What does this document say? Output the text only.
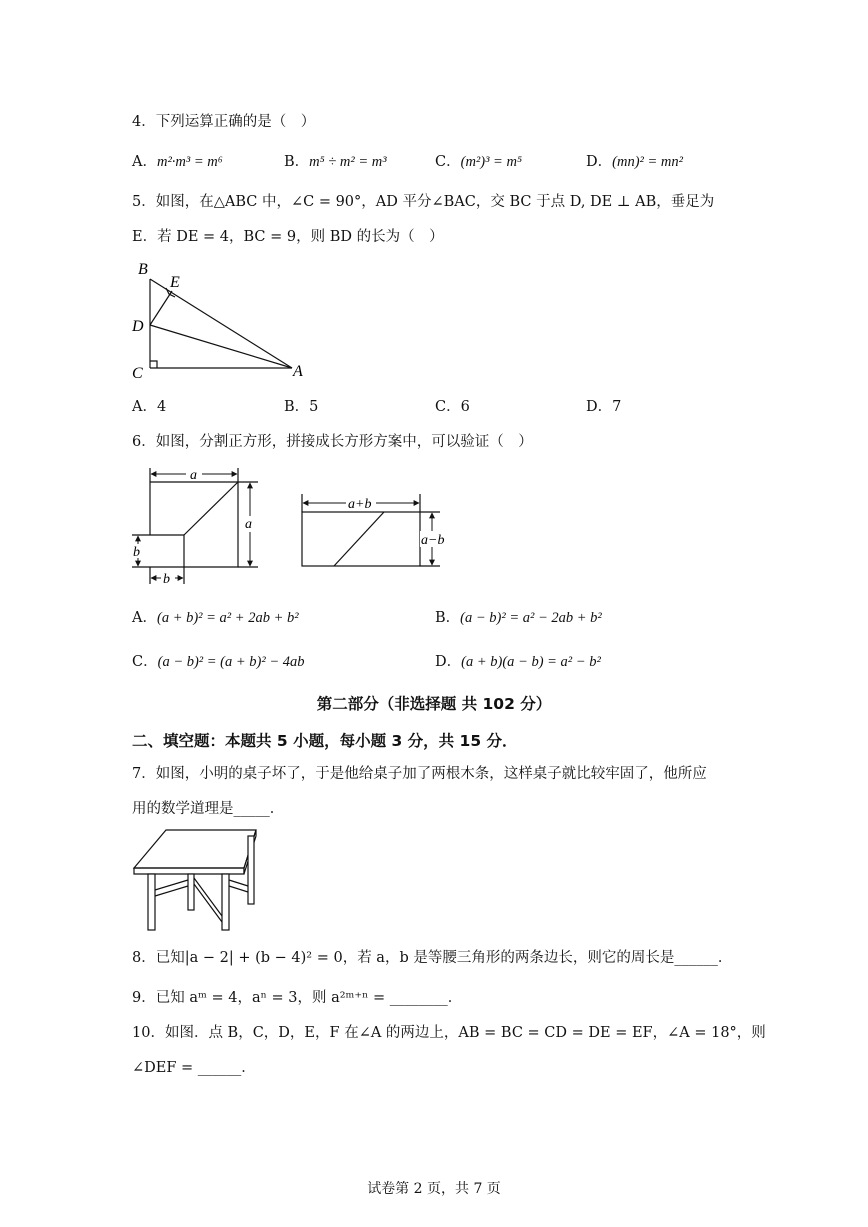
4．下列运算正确的是（　）
A．m²·m³ = m⁶	B．m⁵ ÷ m² = m³	C．(m²)³ = m⁵	D．(mn)² = mn²
5．如图，在△ABC 中，∠C = 90°，AD 平分∠BAC，交 BC 于点 D, DE ⊥ AB，垂足为
E．若 DE = 4，BC = 9，则 BD 的长为（　）
B
E
D
C	A
A．4	B．5	C．6	D．7
6．如图，分割正方形，拼接成长方形方案中，可以验证（　）
a
a
b
b
a+b
a−b
A．(a + b)² = a² + 2ab + b²	B．(a − b)² = a² − 2ab + b²
C．(a − b)² = (a + b)² − 4ab	D．(a + b)(a − b) = a² − b²
第二部分（非选择题 共 102 分）
二、填空题：本题共 5 小题，每小题 3 分，共 15 分．
7．如图，小明的桌子坏了，于是他给桌子加了两根木条，这样桌子就比较牢固了，他所应
用的数学道理是_____．
8．已知|a − 2| + (b − 4)² = 0，若 a，b 是等腰三角形的两条边长，则它的周长是______．
9．已知 aᵐ = 4，aⁿ = 3，则 a²ᵐ⁺ⁿ = ________．
10．如图．点 B，C，D，E，F 在∠A 的两边上，AB = BC = CD = DE = EF，∠A = 18°，则
∠DEF = ______．
试卷第 2 页，共 7 页
